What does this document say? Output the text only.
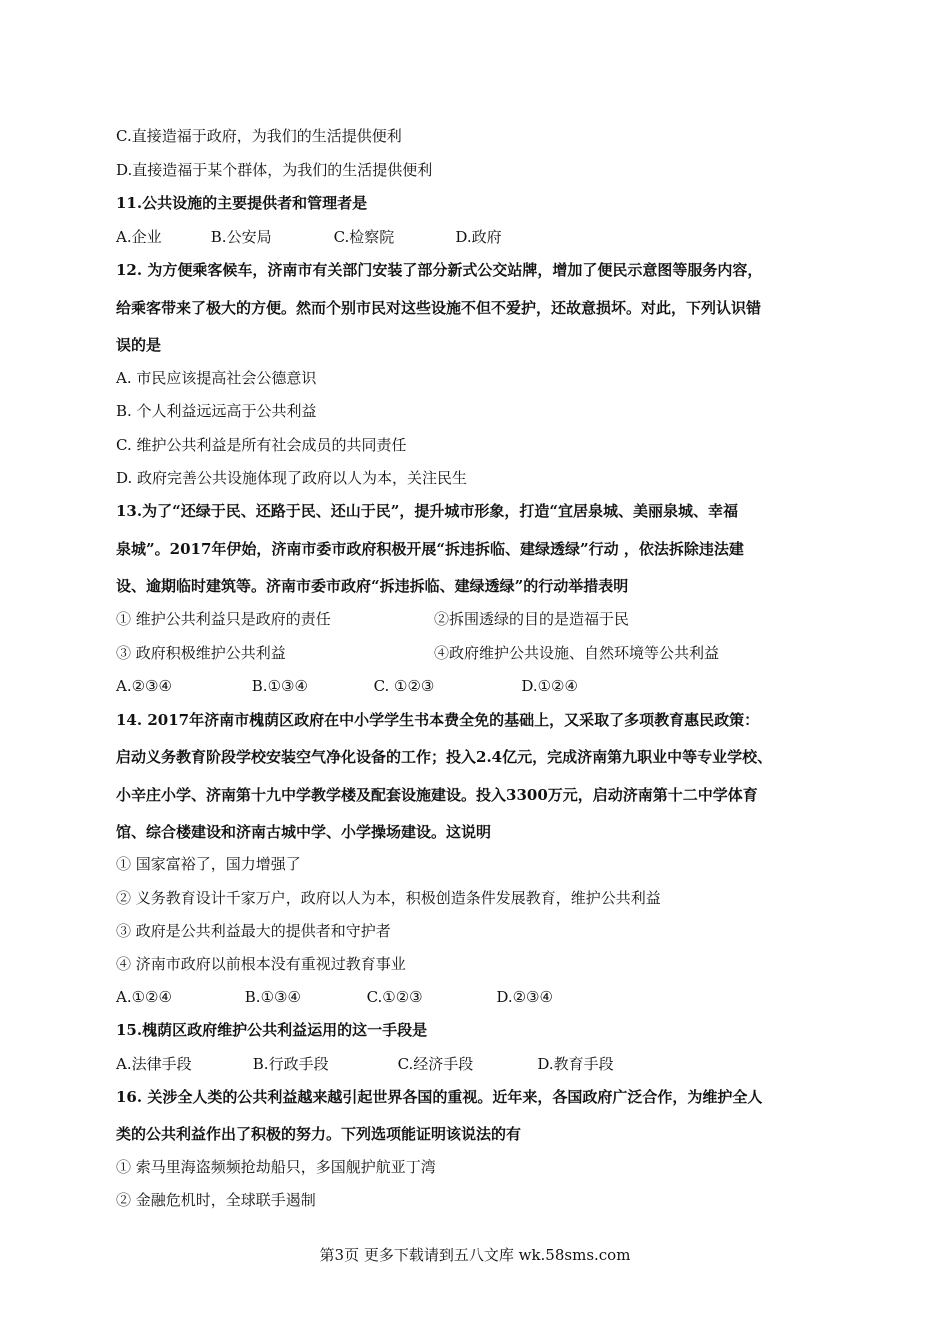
C.直接造福于政府，为我们的生活提供便利
D.直接造福于某个群体，为我们的生活提供便利
11.公共设施的主要提供者和管理者是
A.企业	B.公安局	C.检察院	D.政府
12. 为方便乘客候车，济南市有关部门安装了部分新式公交站牌，增加了便民示意图等服务内容，
给乘客带来了极大的方便。然而个别市民对这些设施不但不爱护，还故意损坏。对此，下列认识错
误的是
A. 市民应该提高社会公德意识
B. 个人利益远远高于公共利益
C. 维护公共利益是所有社会成员的共同责任
D. 政府完善公共设施体现了政府以人为本，关注民生
13.为了“还绿于民、还路于民、还山于民”，提升城市形象，打造“宜居泉城、美丽泉城、幸福
泉城”。2017年伊始，济南市委市政府积极开展“拆违拆临、建绿透绿”行动 ，依法拆除违法建
设、逾期临时建筑等。济南市委市政府“拆违拆临、建绿透绿”的行动举措表明
① 维护公共利益只是政府的责任	②拆围透绿的目的是造福于民
③ 政府积极维护公共利益	④政府维护公共设施、自然环境等公共利益
A.②③④	B.①③④	C. ①②③	D.①②④
14. 2017年济南市槐荫区政府在中小学学生书本费全免的基础上，又采取了多项教育惠民政策：
启动义务教育阶段学校安装空气净化设备的工作；投入2.4亿元，完成济南第九职业中等专业学校、
小辛庄小学、济南第十九中学教学楼及配套设施建设。投入3300万元，启动济南第十二中学体育
馆、综合楼建设和济南古城中学、小学操场建设。这说明
① 国家富裕了，国力增强了
② 义务教育设计千家万户，政府以人为本，积极创造条件发展教育，维护公共利益
③ 政府是公共利益最大的提供者和守护者
④ 济南市政府以前根本没有重视过教育事业
A.①②④	B.①③④	C.①②③	D.②③④
15.槐荫区政府维护公共利益运用的这一手段是
A.法律手段	B.行政手段	C.经济手段	D.教育手段
16. 关涉全人类的公共利益越来越引起世界各国的重视。近年来，各国政府广泛合作，为维护全人
类的公共利益作出了积极的努力。下列选项能证明该说法的有
① 索马里海盗频频抢劫船只，多国舰护航亚丁湾
② 金融危机时，全球联手遏制
第3页 更多下载请到五八文库 wk.58sms.com
